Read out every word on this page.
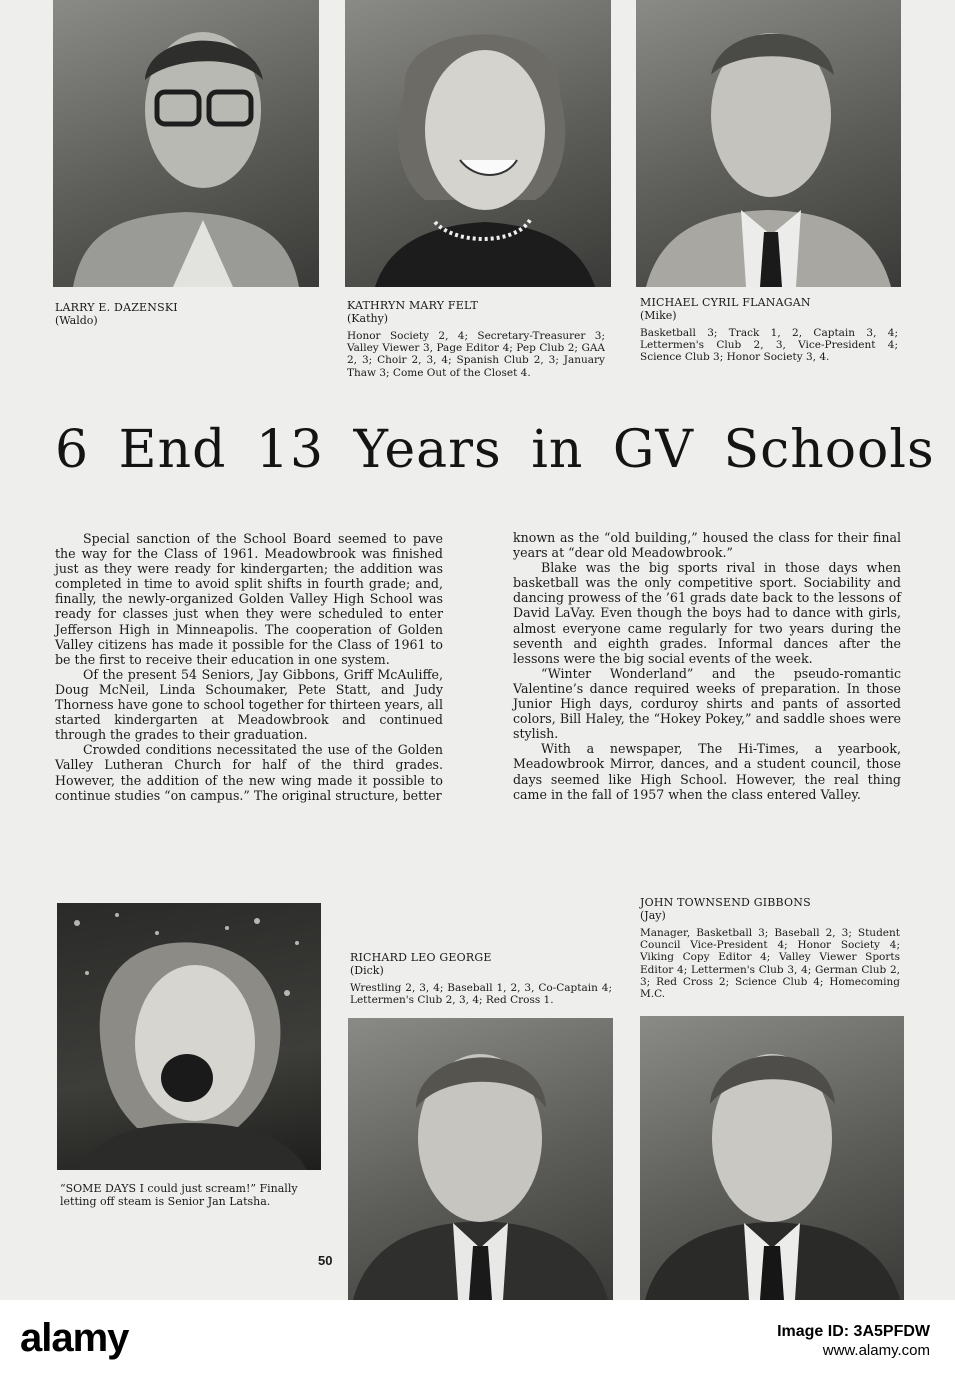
LARRY E. DAZENSKI
(Waldo)
KATHRYN MARY FELT
(Kathy)
Honor Society 2, 4; Secretary-Treasurer 3; Valley Viewer 3, Page Editor 4; Pep Club 2; GAA 2, 3; Choir 2, 3, 4; Spanish Club 2, 3; January Thaw 3; Come Out of the Closet 4.
MICHAEL CYRIL FLANAGAN
(Mike)
Basketball 3; Track 1, 2, Captain 3, 4; Lettermen's Club 2, 3, Vice-President 4; Science Club 3; Honor Society 3, 4.
6 End 13 Years in GV Schools

Special sanction of the School Board seemed to pave the way for the Class of 1961. Meadowbrook was finished just as they were ready for kindergarten; the addition was completed in time to avoid split shifts in fourth grade; and, finally, the newly-organized Golden Valley High School was ready for classes just when they were scheduled to enter Jefferson High in Minneapolis. The cooperation of Golden Valley citizens has made it possible for the Class of 1961 to be the first to receive their education in one system.

Of the present 54 Seniors, Jay Gibbons, Griff McAuliffe, Doug McNeil, Linda Schoumaker, Pete Statt, and Judy Thorness have gone to school together for thirteen years, all started kindergarten at Meadowbrook and continued through the grades to their graduation.

Crowded conditions necessitated the use of the Golden Valley Lutheran Church for half of the third grades. However, the addition of the new wing made it possible to continue studies “on campus.” The original structure, better

known as the “old building,” housed the class for their final years at “dear old Meadowbrook.”

Blake was the big sports rival in those days when basketball was the only competitive sport. Sociability and dancing prowess of the ’61 grads date back to the lessons of David LaVay. Even though the boys had to dance with girls, almost everyone came regularly for two years during the seventh and eighth grades. Informal dances after the lessons were the big social events of the week.

“Winter Wonderland” and the pseudo-romantic Valentine’s dance required weeks of preparation. In those Junior High days, corduroy shirts and pants of assorted colors, Bill Haley, the “Hokey Pokey,” and saddle shoes were stylish.

With a newspaper, The Hi-Times, a yearbook, Meadowbrook Mirror, dances, and a student council, those days seemed like High School. However, the real thing came in the fall of 1957 when the class entered Valley.

“SOME DAYS I could just scream!” Finally letting off steam is Senior Jan Latsha.
RICHARD LEO GEORGE
(Dick)
Wrestling 2, 3, 4; Baseball 1, 2, 3, Co-Captain 4; Lettermen's Club 2, 3, 4; Red Cross 1.
JOHN TOWNSEND GIBBONS
(Jay)
Manager, Basketball 3; Baseball 2, 3; Student Council Vice-President 4; Honor Society 4; Viking Copy Editor 4; Valley Viewer Sports Editor 4; Lettermen's Club 3, 4; German Club 2, 3; Red Cross 2; Science Club 4; Homecoming M.C.
50
alamy	Image ID: 3A5PFDW
www.alamy.com
